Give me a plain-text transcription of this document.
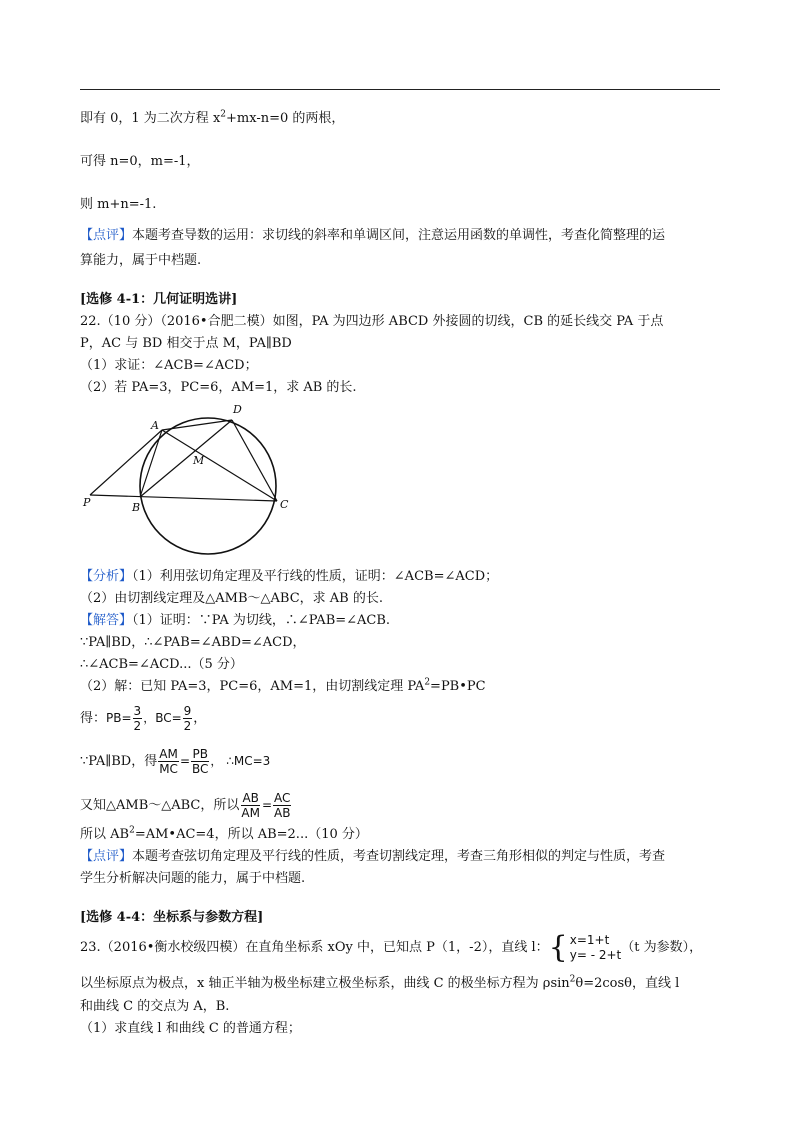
即有 0，1 为二次方程 $x^2+mx-n=0$ 的两根，
可得 n=0，m=-1，
则 m+n=-1.
【点评】本题考查导数的运用：求切线的斜率和单调区间，注意运用函数的单调性，考查化简整理的运
算能力，属于中档题.
[选修 4-1：几何证明选讲]
22.（10 分）（2016•合肥二模）如图，PA 为四边形 ABCD 外接圆的切线，CB 的延长线交 PA 于点
P，AC 与 BD 相交于点 M，PA∥BD
（1）求证：∠ACB=∠ACD；
（2）若 PA=3，PC=6，AM=1，求 AB 的长.
A
D
M
P	B	C
【分析】（1）利用弦切角定理及平行线的性质，证明：∠ACB=∠ACD；
（2）由切割线定理及△AMB～△ABC，求 AB 的长.
【解答】（1）证明：∵PA 为切线，∴∠PAB=∠ACB.
∵PA∥BD，∴∠PAB=∠ABD=∠ACD，
∴∠ACB=∠ACD...（5 分）
（2）解：已知 PA=3，PC=6，AM=1，由切割线定理 $PA^2=PB•PC$
得：$PB= \frac{3}{2}$ ，$BC= \frac{9}{2}$ ，
∵PA∥BD，得 $\frac{AM}{MC} = \frac{PB}{BC}$ ， ∴MC=3
又知△AMB～△ABC，所以 $\frac{AB}{AM} = \frac{AC}{AB}$
所以 $AB^2=AM•AC=4$，所以 AB=2...（10 分）
【点评】本题考查弦切角定理及平行线的性质，考查切割线定理，考查三角形相似的判定与性质，考查
学生分析解决问题的能力，属于中档题.
[选修 4-4：坐标系与参数方程]
23.（2016•衡水校级四模）在直角坐标系 xOy 中，已知点 P（1，-2），直线 l： { x=1+t
y= - 2+t （t 为参数），
以坐标原点为极点，x 轴正半轴为极坐标建立极坐标系，曲线 C 的极坐标方程为 ρsin$^2$θ=2cosθ，直线 l
和曲线 C 的交点为 A，B.
（1）求直线 l 和曲线 C 的普通方程；
